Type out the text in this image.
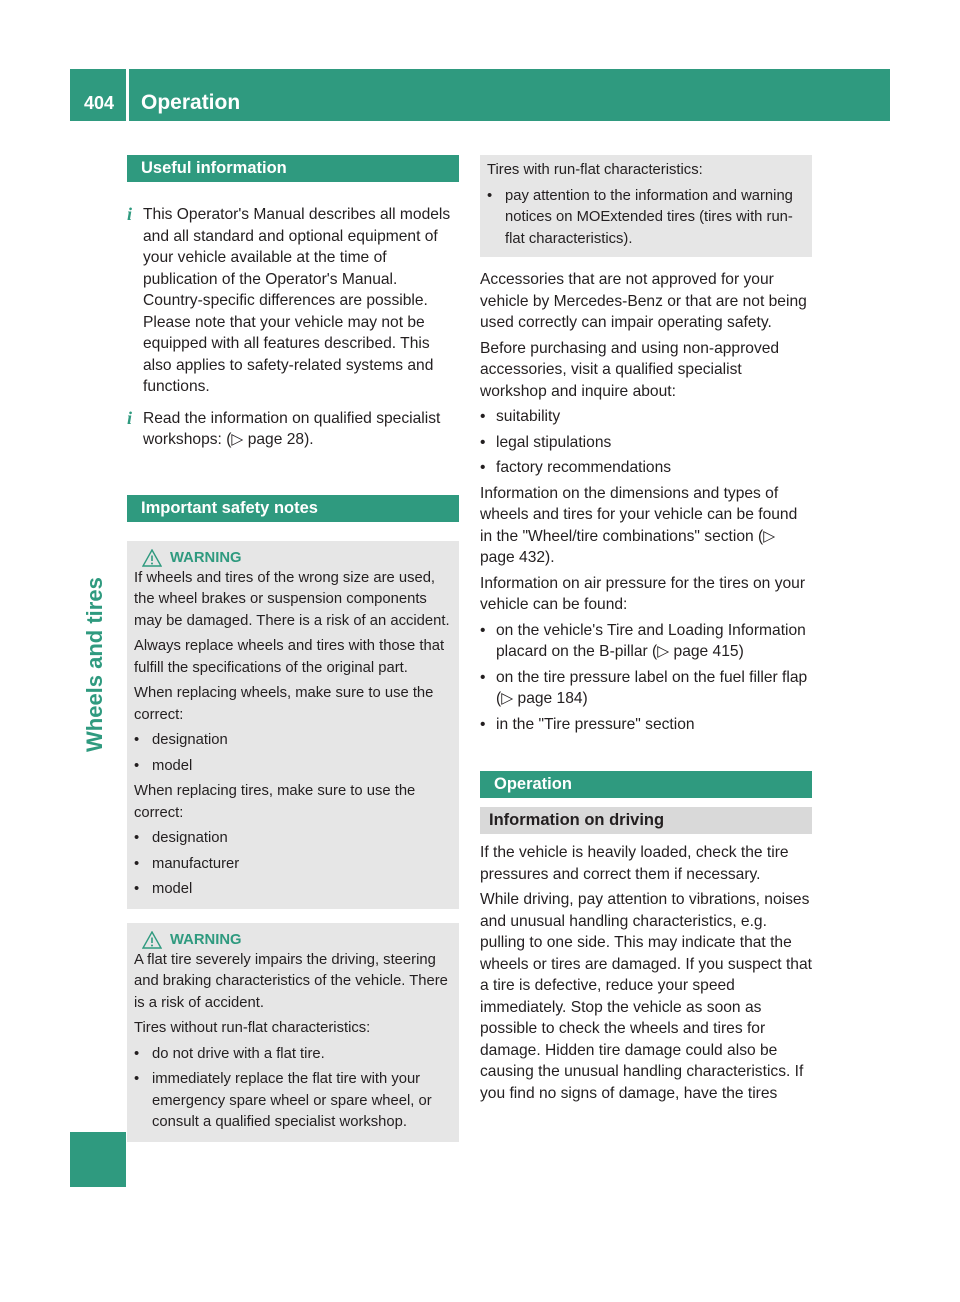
404 Operation
Wheels and tires
Useful information
i This Operator's Manual describes all models and all standard and optional equipment of your vehicle available at the time of publication of the Operator's Manual. Country-specific differences are possible. Please note that your vehicle may not be equipped with all features described. This also applies to safety-related systems and functions.
i Read the information on qualified specialist workshops: (▷ page 28).
Important safety notes
WARNING
If wheels and tires of the wrong size are used, the wheel brakes or suspension components may be damaged. There is a risk of an accident.
Always replace wheels and tires with those that fulfill the specifications of the original part.
When replacing wheels, make sure to use the correct:
• designation
• model
When replacing tires, make sure to use the correct:
• designation
• manufacturer
• model
WARNING
A flat tire severely impairs the driving, steering and braking characteristics of the vehicle. There is a risk of accident.
Tires without run-flat characteristics:
• do not drive with a flat tire.
• immediately replace the flat tire with your emergency spare wheel or spare wheel, or consult a qualified specialist workshop.
Tires with run-flat characteristics:
• pay attention to the information and warning notices on MOExtended tires (tires with run-flat characteristics).
Accessories that are not approved for your vehicle by Mercedes-Benz or that are not being used correctly can impair operating safety.
Before purchasing and using non-approved accessories, visit a qualified specialist workshop and inquire about:
• suitability
• legal stipulations
• factory recommendations
Information on the dimensions and types of wheels and tires for your vehicle can be found in the "Wheel/tire combinations" section (▷ page 432).
Information on air pressure for the tires on your vehicle can be found:
• on the vehicle's Tire and Loading Information placard on the B-pillar (▷ page 415)
• on the tire pressure label on the fuel filler flap (▷ page 184)
• in the "Tire pressure" section
Operation
Information on driving
If the vehicle is heavily loaded, check the tire pressures and correct them if necessary.
While driving, pay attention to vibrations, noises and unusual handling characteristics, e.g. pulling to one side. This may indicate that the wheels or tires are damaged. If you suspect that a tire is defective, reduce your speed immediately. Stop the vehicle as soon as possible to check the wheels and tires for damage. Hidden tire damage could also be causing the unusual handling characteristics. If you find no signs of damage, have the tires
